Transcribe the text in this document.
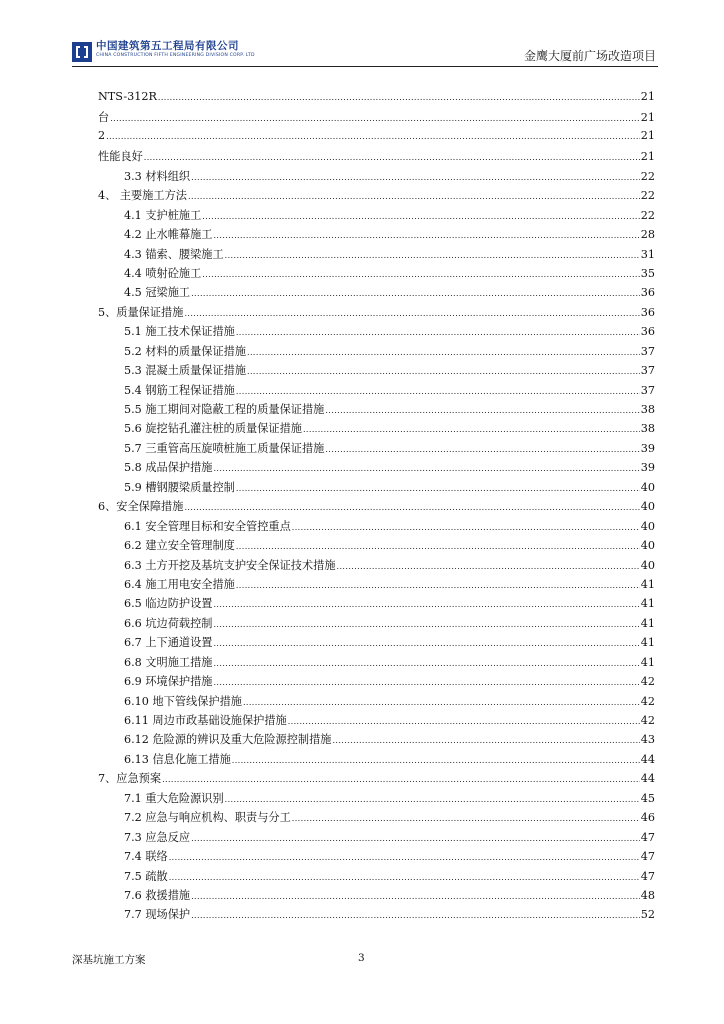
中国建筑第五工程局有限公司
CHINA CONSTRUCTION FIFTH ENGINEERING DIVISION CORP. LTD	金鹰大厦前广场改造项目
NTS-312R .....	21
台 .....	21
2 .....	21
性能良好 .....	21
3.3 材料组织 .....	22
4、 主要施工方法 .....	22
4.1 支护桩施工 .....	22
4.2 止水帷幕施工 .....	28
4.3 锚索、腰梁施工 .....	31
4.4 喷射砼施工 .....	35
4.5 冠梁施工 .....	36
5、质量保证措施 .....	36
5.1 施工技术保证措施 .....	36
5.2 材料的质量保证措施 .....	37
5.3 混凝土质量保证措施 .....	37
5.4 钢筋工程保证措施 .....	37
5.5 施工期间对隐蔽工程的质量保证措施 .....	38
5.6 旋挖钻孔灌注桩的质量保证措施 .....	38
5.7 三重管高压旋喷桩施工质量保证措施 .....	39
5.8 成品保护措施 .....	39
5.9 槽钢腰梁质量控制 .....	40
6、安全保障措施 .....	40
6.1 安全管理目标和安全管控重点 .....	40
6.2 建立安全管理制度 .....	40
6.3 土方开挖及基坑支护安全保证技术措施 .....	40
6.4 施工用电安全措施 .....	41
6.5 临边防护设置 .....	41
6.6 坑边荷载控制 .....	41
6.7 上下通道设置 .....	41
6.8 文明施工措施 .....	41
6.9 环境保护措施 .....	42
6.10 地下管线保护措施 .....	42
6.11 周边市政基础设施保护措施 .....	42
6.12 危险源的辨识及重大危险源控制措施 .....	43
6.13 信息化施工措施 .....	44
7、应急预案 .....	44
7.1 重大危险源识别 .....	45
7.2 应急与响应机构、职责与分工 .....	46
7.3 应急反应 .....	47
7.4 联络 .....	47
7.5 疏散 .....	47
7.6 救援措施 .....	48
7.7 现场保护 .....	52
深基坑施工方案	3
